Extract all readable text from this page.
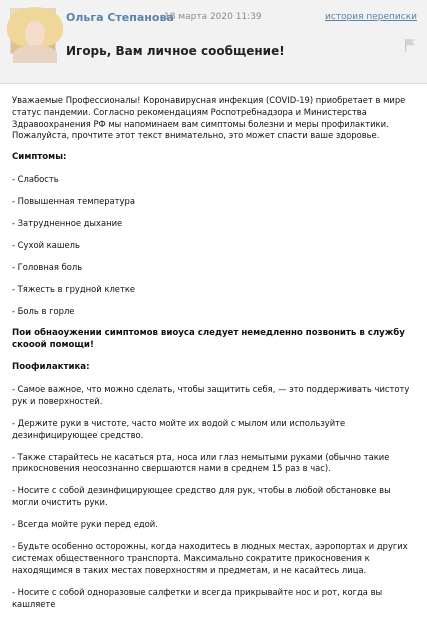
Ольга Степанова
18 марта 2020 11:39	история переписки
Игорь, Вам личное сообщение!

Уважаемые Профессионалы! Коронавирусная инфекция (COVID-19) приобретает в мире статус пандемии. Согласно рекомендациям Роспотребнадзора и Министерства Здравоохранения РФ мы напоминаем вам симптомы болезни и меры профилактики. Пожалуйста, прочтите этот текст внимательно, это может спасти ваше здоровье.

Симптомы:

- Слабость

- Повышенная температура

- Затрудненное дыхание

- Сухой кашель

- Головная боль

- Тяжесть в грудной клетке

- Боль в горле

Пои обнаоужении симптомов виоуса следует немедленно позвонить в службу скооой помощи!

Поофилактика:

- Самое важное, что можно сделать, чтобы защитить себя, — это поддерживать чистоту рук и поверхностей.

- Держите руки в чистоте, часто мойте их водой с мылом или используйте дезинфицирующее средство.

- Также старайтесь не касаться рта, носа или глаз немытыми руками (обычно такие прикосновения неосознанно свершаются нами в среднем 15 раз в час).

- Носите с собой дезинфицирующее средство для рук, чтобы в любой обстановке вы могли очистить руки.

- Всегда мойте руки перед едой.

- Будьте особенно осторожны, когда находитесь в людных местах, аэропортах и других системах общественного транспорта. Максимально сократите прикосновения к находящимся в таких местах поверхностям и предметам, и не касайтесь лица.

- Носите с собой одноразовые салфетки и всегда прикрывайте нос и рот, когда вы кашляете
